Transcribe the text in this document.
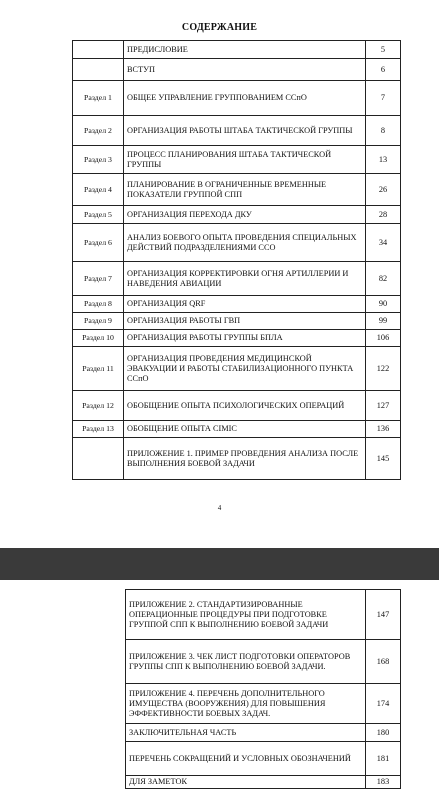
СОДЕРЖАНИЕ
	ПРЕДИСЛОВИЕ	5
	ВСТУП	6
Раздел 1	ОБЩЕЕ УПРАВЛЕНИЕ ГРУППОВАНИЕМ ССпО	7
Раздел 2	ОРГАНИЗАЦИЯ РАБОТЫ ШТАБА ТАКТИЧЕСКОЙ ГРУППЫ	8
Раздел 3	ПРОЦЕСС ПЛАНИРОВАНИЯ ШТАБА ТАКТИЧЕСКОЙ ГРУППЫ	13
Раздел 4	ПЛАНИРОВАНИЕ В ОГРАНИЧЕННЫЕ ВРЕМЕННЫЕ ПОКАЗАТЕЛИ ГРУППОЙ СПП	26
Раздел 5	ОРГАНИЗАЦИЯ ПЕРЕХОДА ДКУ	28
Раздел 6	АНАЛИЗ БОЕВОГО ОПЫТА ПРОВЕДЕНИЯ СПЕЦИАЛЬНЫХ ДЕЙСТВИЙ ПОДРАЗДЕЛЕНИЯМИ ССО	34
Раздел 7	ОРГАНИЗАЦИЯ КОРРЕКТИРОВКИ ОГНЯ АРТИЛЛЕРИИ И НАВЕДЕНИЯ АВИАЦИИ	82
Раздел 8	ОРГАНИЗАЦИЯ QRF	90
Раздел 9	ОРГАНИЗАЦИЯ РАБОТЫ ГВП	99
Раздел 10	ОРГАНИЗАЦИЯ РАБОТЫ ГРУППЫ БПЛА	106
Раздел 11	ОРГАНИЗАЦИЯ ПРОВЕДЕНИЯ МЕДИЦИНСКОЙ ЭВАКУАЦИИ И РАБОТЫ СТАБИЛИЗАЦИОННОГО ПУНКТА ССпО	122
Раздел 12	ОБОБЩЕНИЕ ОПЫТА ПСИХОЛОГИЧЕСКИХ ОПЕРАЦИЙ	127
Раздел 13	ОБОБЩЕНИЕ ОПЫТА CIMIC	136
	ПРИЛОЖЕНИЕ 1. ПРИМЕР ПРОВЕДЕНИЯ АНАЛИЗА ПОСЛЕ ВЫПОЛНЕНИЯ БОЕВОЙ ЗАДАЧИ	145
4
ПРИЛОЖЕНИЕ 2. СТАНДАРТИЗИРОВАННЫЕ ОПЕРАЦИОННЫЕ ПРОЦЕДУРЫ ПРИ ПОДГОТОВКЕ ГРУППОЙ СПП К ВЫПОЛНЕНИЮ БОЕВОЙ ЗАДАЧИ	147
ПРИЛОЖЕНИЕ 3. ЧЕК ЛИСТ ПОДГОТОВКИ ОПЕРАТОРОВ ГРУППЫ СПП К ВЫПОЛНЕНИЮ БОЕВОЙ ЗАДАЧИ.	168
ПРИЛОЖЕНИЕ 4. ПЕРЕЧЕНЬ ДОПОЛНИТЕЛЬНОГО ИМУЩЕСТВА (ВООРУЖЕНИЯ) ДЛЯ ПОВЫШЕНИЯ ЭФФЕКТИВНОСТИ БОЕВЫХ ЗАДАЧ.	174
ЗАКЛЮЧИТЕЛЬНАЯ ЧАСТЬ	180
ПЕРЕЧЕНЬ СОКРАЩЕНИЙ И УСЛОВНЫХ ОБОЗНАЧЕНИЙ	181
ДЛЯ ЗАМЕТОК	183
